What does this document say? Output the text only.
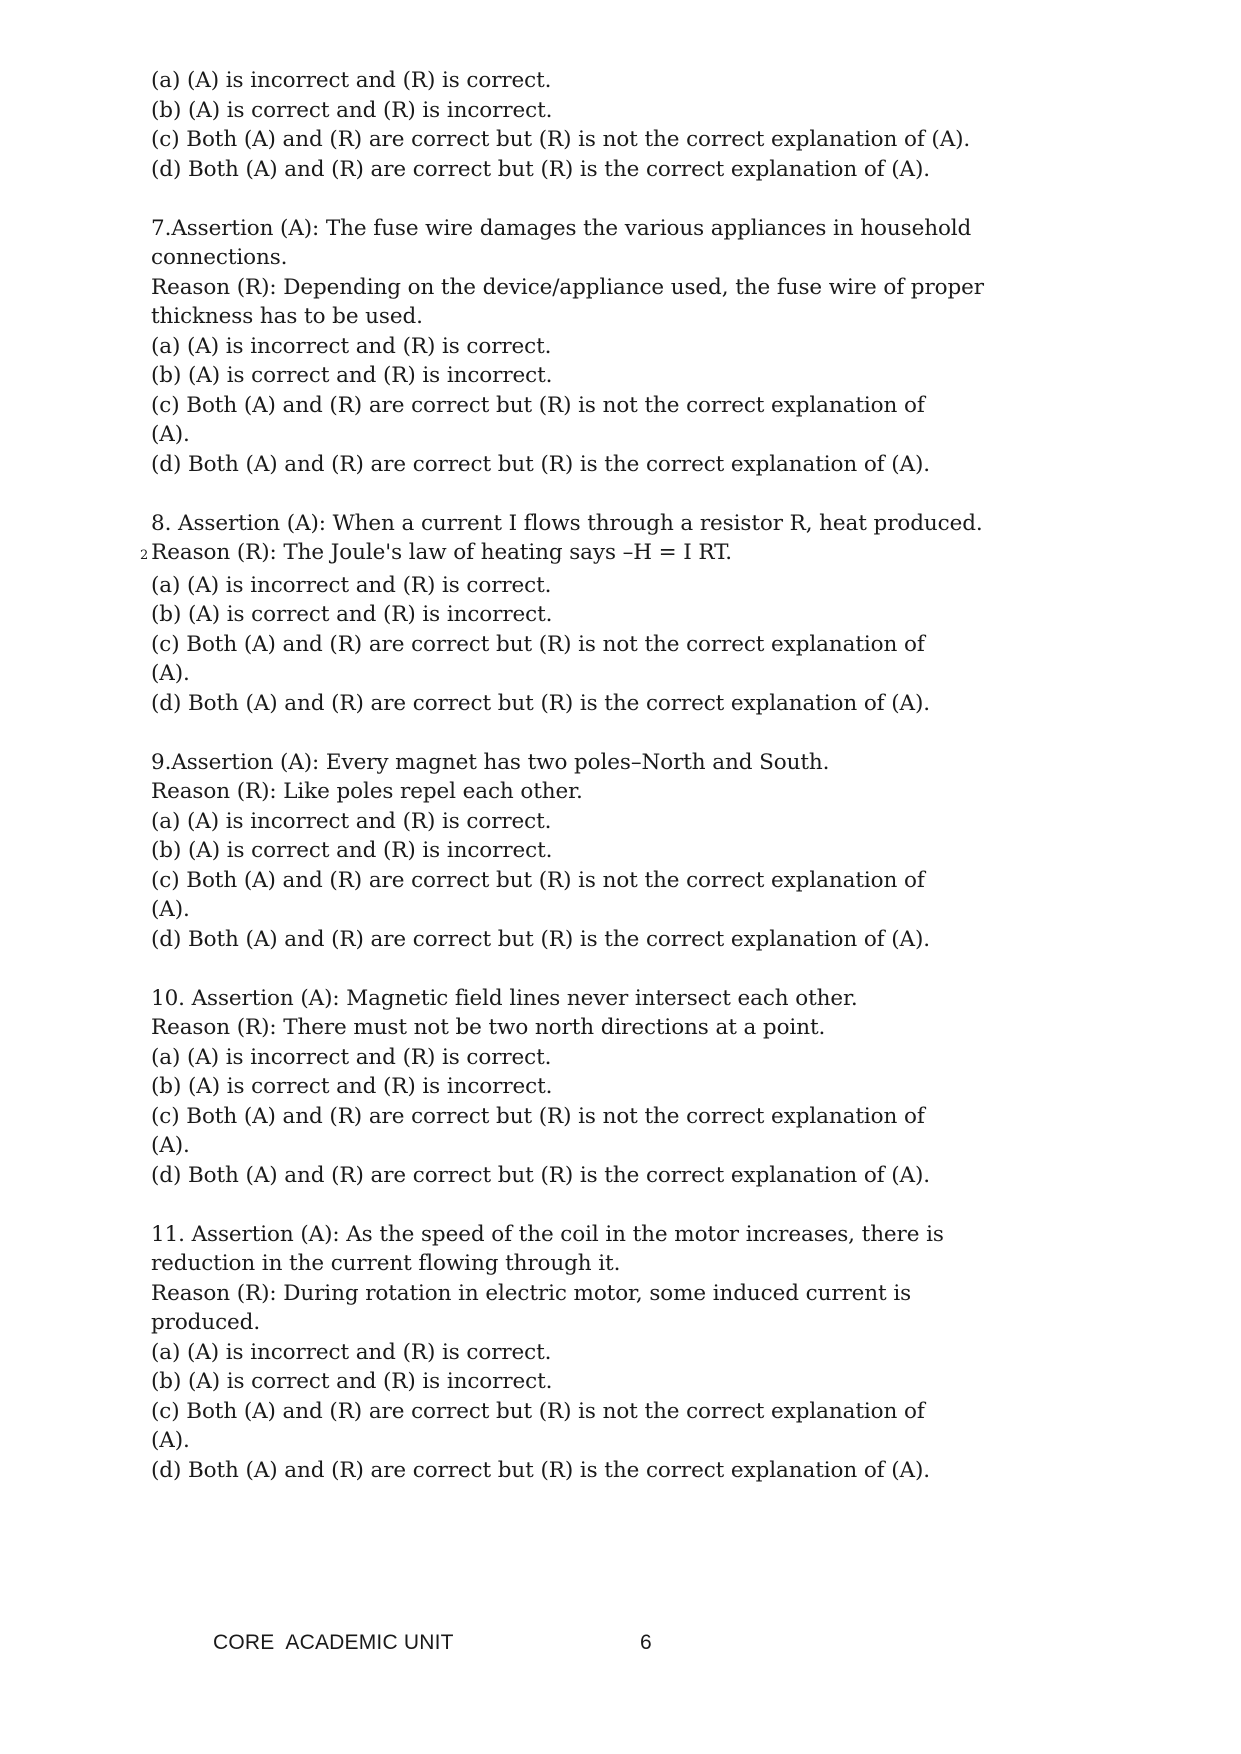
(a) (A) is incorrect and (R) is correct.
(b) (A) is correct and (R) is incorrect.
(c) Both (A) and (R) are correct but (R) is not the correct explanation of (A).
(d) Both (A) and (R) are correct but (R) is the correct explanation of (A).
7.Assertion (A): The fuse wire damages the various appliances in household
connections.
Reason (R): Depending on the device/appliance used, the fuse wire of proper
thickness has to be used.
(a) (A) is incorrect and (R) is correct.
(b) (A) is correct and (R) is incorrect.
(c) Both (A) and (R) are correct but (R) is not the correct explanation of
(A).
(d) Both (A) and (R) are correct but (R) is the correct explanation of (A).
8. Assertion (A): When a current I flows through a resistor R, heat produced.
2 Reason (R): The Joule's law of heating says –H = I RT.
(a) (A) is incorrect and (R) is correct.
(b) (A) is correct and (R) is incorrect.
(c) Both (A) and (R) are correct but (R) is not the correct explanation of
(A).
(d) Both (A) and (R) are correct but (R) is the correct explanation of (A).
9.Assertion (A): Every magnet has two poles–North and South.
Reason (R): Like poles repel each other.
(a) (A) is incorrect and (R) is correct.
(b) (A) is correct and (R) is incorrect.
(c) Both (A) and (R) are correct but (R) is not the correct explanation of
(A).
(d) Both (A) and (R) are correct but (R) is the correct explanation of (A).
10. Assertion (A): Magnetic field lines never intersect each other.
Reason (R): There must not be two north directions at a point.
(a) (A) is incorrect and (R) is correct.
(b) (A) is correct and (R) is incorrect.
(c) Both (A) and (R) are correct but (R) is not the correct explanation of
(A).
(d) Both (A) and (R) are correct but (R) is the correct explanation of (A).
11. Assertion (A): As the speed of the coil in the motor increases, there is
reduction in the current flowing through it.
Reason (R): During rotation in electric motor, some induced current is
produced.
(a) (A) is incorrect and (R) is correct.
(b) (A) is correct and (R) is incorrect.
(c) Both (A) and (R) are correct but (R) is not the correct explanation of
(A).
(d) Both (A) and (R) are correct but (R) is the correct explanation of (A).
CORE  ACADEMIC UNIT	6
